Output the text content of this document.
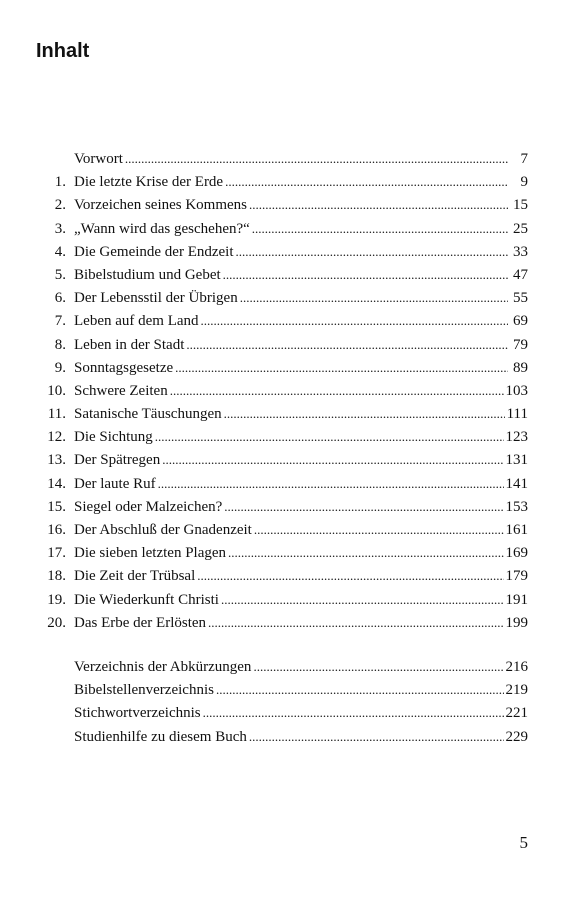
Inhalt
Vorwort .....	7
1. Die letzte Krise der Erde .....	9
2. Vorzeichen seines Kommens .....	15
3. „Wann wird das geschehen?“ .....	25
4. Die Gemeinde der Endzeit .....	33
5. Bibelstudium und Gebet .....	47
6. Der Lebensstil der Übrigen .....	55
7. Leben auf dem Land .....	69
8. Leben in der Stadt .....	79
9. Sonntagsgesetze .....	89
10. Schwere Zeiten .....	103
11. Satanische Täuschungen .....	111
12. Die Sichtung .....	123
13. Der Spätregen .....	131
14. Der laute Ruf .....	141
15. Siegel oder Malzeichen? .....	153
16. Der Abschluß der Gnadenzeit .....	161
17. Die sieben letzten Plagen .....	169
18. Die Zeit der Trübsal .....	179
19. Die Wiederkunft Christi .....	191
20. Das Erbe der Erlösten .....	199
Verzeichnis der Abkürzungen .....	216
Bibelstellenverzeichnis .....	219
Stichwortverzeichnis .....	221
Studienhilfe zu diesem Buch .....	229
5
